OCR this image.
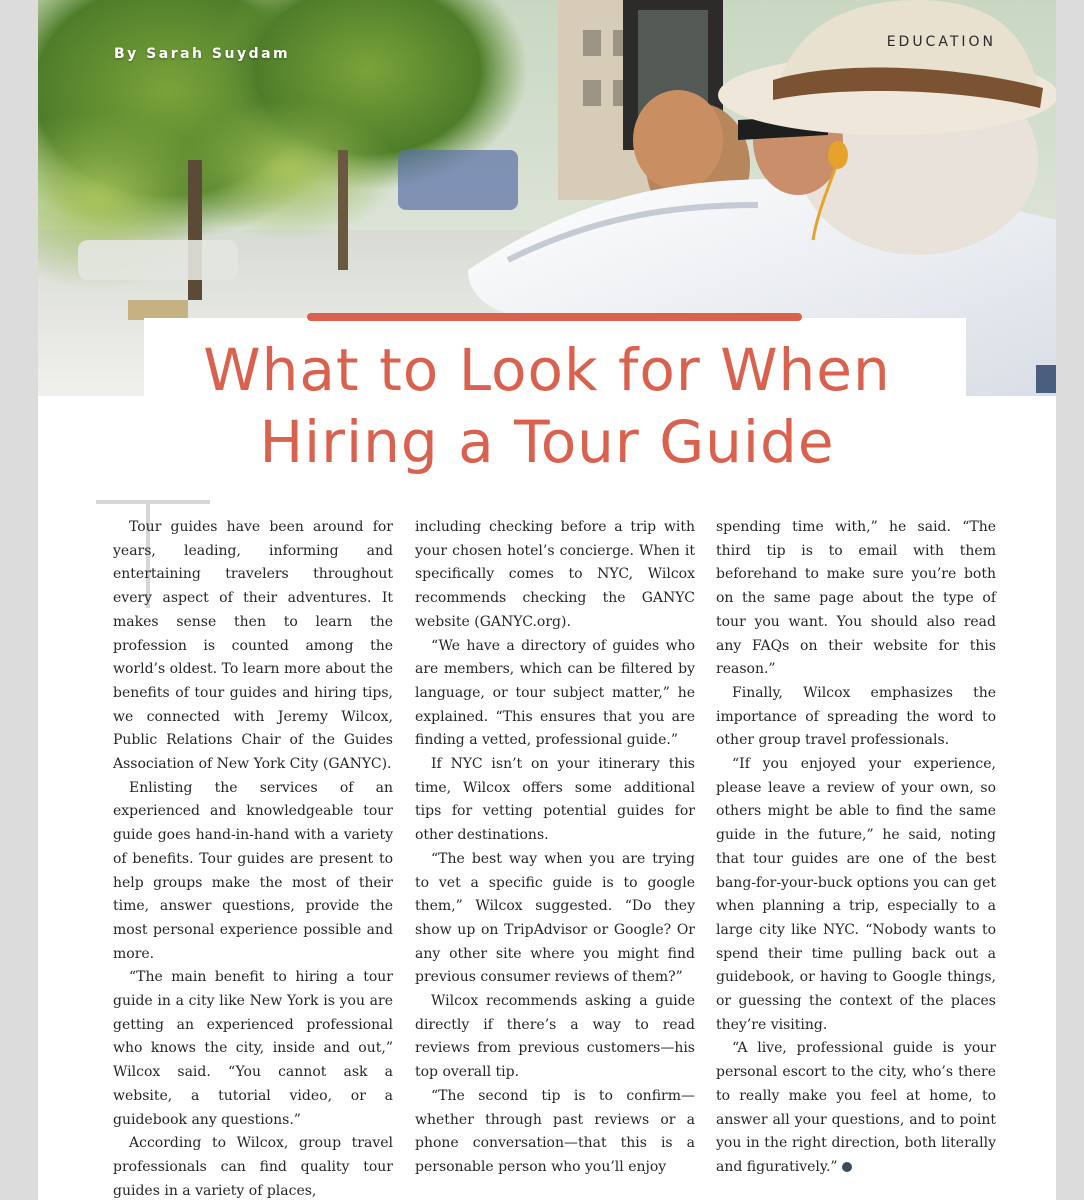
By Sarah Suydam
EDUCATION
What to Look for When
Hiring a Tour Guide

Tour guides have been around for years, leading, informing and entertaining travelers throughout every aspect of their adventures. It makes sense then to learn the profession is counted among the world’s oldest. To learn more about the benefits of tour guides and hiring tips, we connected with Jeremy Wilcox, Public Relations Chair of the Guides Association of New York City (GANYC).

Enlisting the services of an experienced and knowledgeable tour guide goes hand-in-hand with a variety of benefits. Tour guides are present to help groups make the most of their time, answer questions, provide the most personal experience possible and more.

“The main benefit to hiring a tour guide in a city like New York is you are getting an experienced professional who knows the city, inside and out,” Wilcox said. “You cannot ask a website, a tutorial video, or a guidebook any questions.”

According to Wilcox, group travel professionals can find quality tour guides in a variety of places,

including checking before a trip with your chosen hotel’s concierge. When it specifically comes to NYC, Wilcox recommends checking the GANYC website (GANYC.org).

“We have a directory of guides who are members, which can be filtered by language, or tour subject matter,” he explained. “This ensures that you are finding a vetted, professional guide.”

If NYC isn’t on your itinerary this time, Wilcox offers some additional tips for vetting potential guides for other destinations.

“The best way when you are trying to vet a specific guide is to google them,” Wilcox suggested. “Do they show up on TripAdvisor or Google? Or any other site where you might find previous consumer reviews of them?”

Wilcox recommends asking a guide directly if there’s a way to read reviews from previous customers—his top overall tip.

“The second tip is to confirm—whether through past reviews or a phone conversation—that this is a personable person who you’ll enjoy

spending time with,” he said. “The third tip is to email with them beforehand to make sure you’re both on the same page about the type of tour you want. You should also read any FAQs on their website for this reason.”

Finally, Wilcox emphasizes the importance of spreading the word to other group travel professionals.

“If you enjoyed your experience, please leave a review of your own, so others might be able to find the same guide in the future,” he said, noting that tour guides are one of the best bang-for-your-buck options you can get when planning a trip, especially to a large city like NYC. “Nobody wants to spend their time pulling back out a guidebook, or having to Google things, or guessing the context of the places they’re visiting.

“A live, professional guide is your personal escort to the city, who’s there to really make you feel at home, to answer all your questions, and to point you in the right direction, both literally and figuratively.”
